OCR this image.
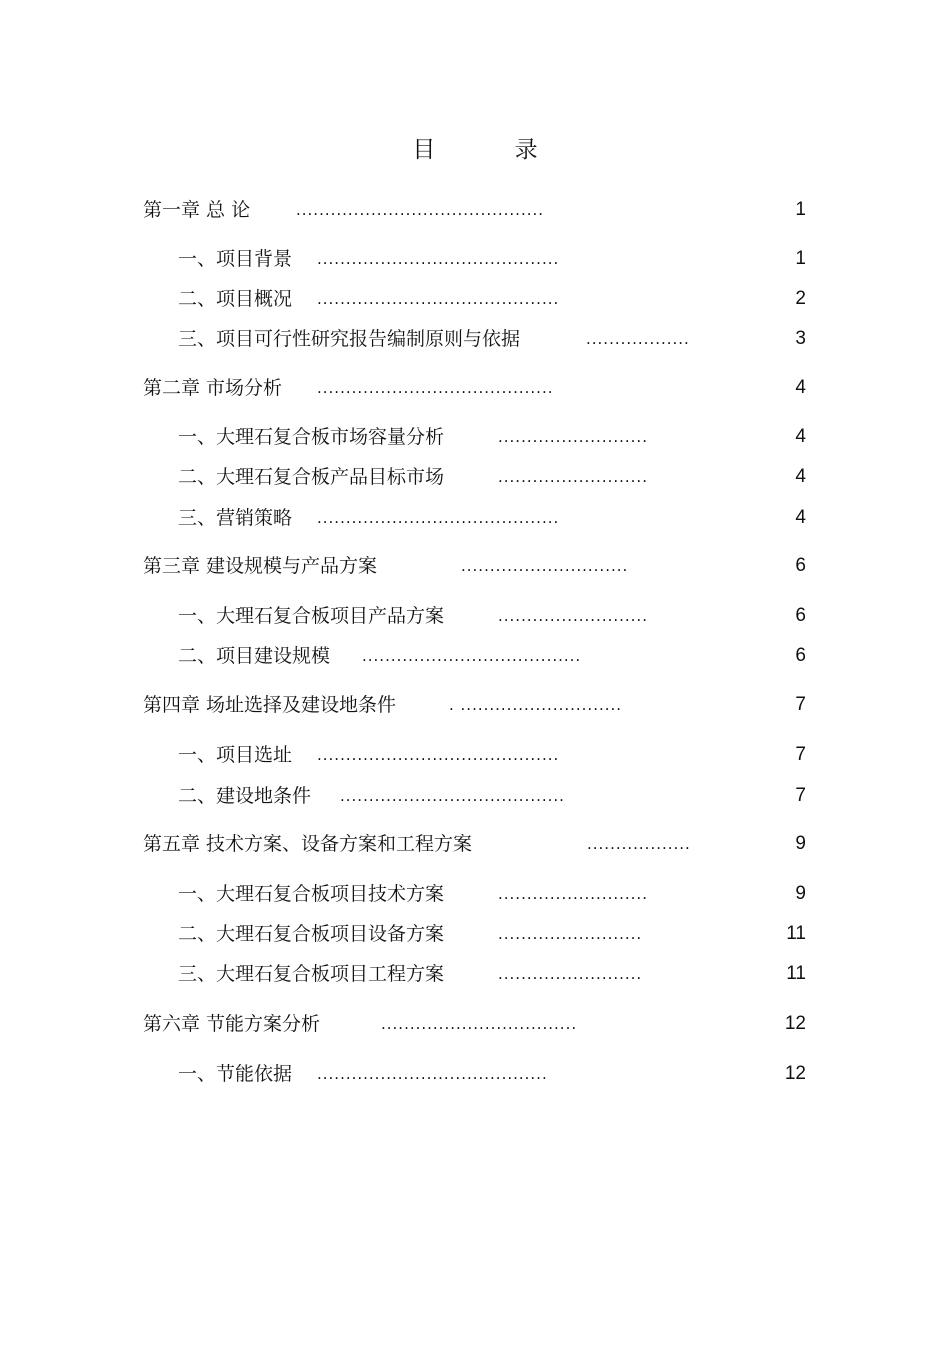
目 录
第一章 总 论	...........................................	1
一、项目背景 ..........................................	1
二、项目概况 ..........................................	2
三、项目可行性研究报告编制原则与依据	..................	3
第二章 市场分析 .........................................	4
一、大理石复合板市场容量分析	..........................	4
二、大理石复合板产品目标市场	..........................	4
三、营销策略 ..........................................	4
第三章 建设规模与产品方案	.............................	6
一、大理石复合板项目产品方案	..........................	6
二、项目建设规模 ......................................	6
第四章 场址选择及建设地条件	. ............................	7
一、项目选址 ..........................................	7
二、建设地条件 .......................................	7
第五章 技术方案、设备方案和工程方案	..................	9
一、大理石复合板项目技术方案	..........................	9
二、大理石复合板项目设备方案	.........................	11
三、大理石复合板项目工程方案	.........................	11
第六章 节能方案分析	..................................	12
一、节能依据 ........................................	12
